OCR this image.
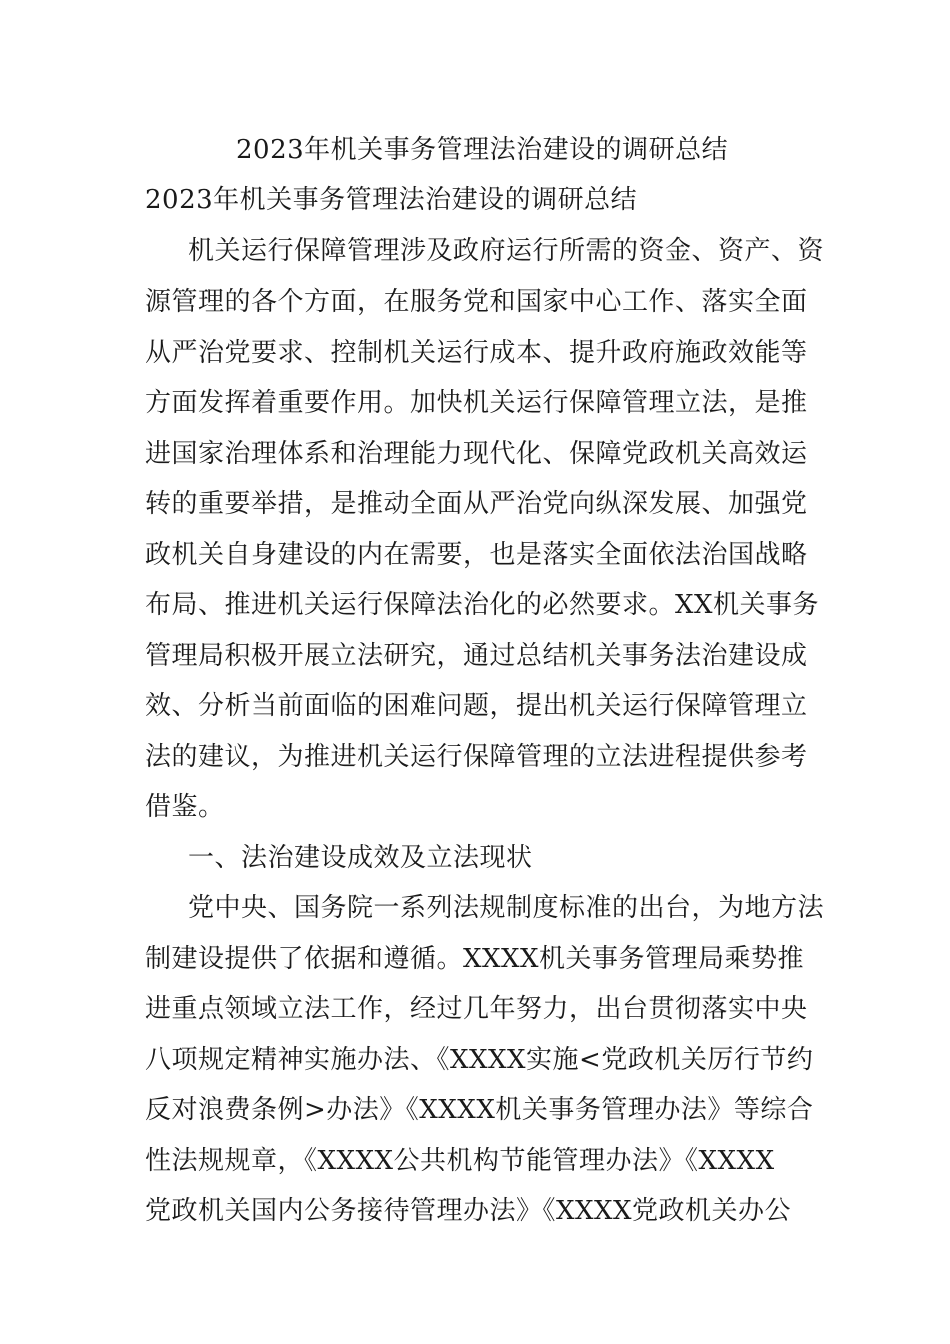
2023年机关事务管理法治建设的调研总结
2023年机关事务管理法治建设的调研总结
机关运行保障管理涉及政府运行所需的资金、资产、资
源管理的各个方面，在服务党和国家中心工作、落实全面
从严治党要求、控制机关运行成本、提升政府施政效能等
方面发挥着重要作用。加快机关运行保障管理立法，是推
进国家治理体系和治理能力现代化、保障党政机关高效运
转的重要举措，是推动全面从严治党向纵深发展、加强党
政机关自身建设的内在需要，也是落实全面依法治国战略
布局、推进机关运行保障法治化的必然要求。XX机关事务
管理局积极开展立法研究，通过总结机关事务法治建设成
效、分析当前面临的困难问题，提出机关运行保障管理立
法的建议，为推进机关运行保障管理的立法进程提供参考
借鉴。
一、法治建设成效及立法现状
党中央、国务院一系列法规制度标准的出台，为地方法
制建设提供了依据和遵循。XXXX机关事务管理局乘势推
进重点领域立法工作，经过几年努力，出台贯彻落实中央
八项规定精神实施办法、《XXXX实施<党政机关厉行节约
反对浪费条例>办法》《XXXX机关事务管理办法》等综合
性法规规章，《XXXX公共机构节能管理办法》《XXXX
党政机关国内公务接待管理办法》《XXXX党政机关办公
